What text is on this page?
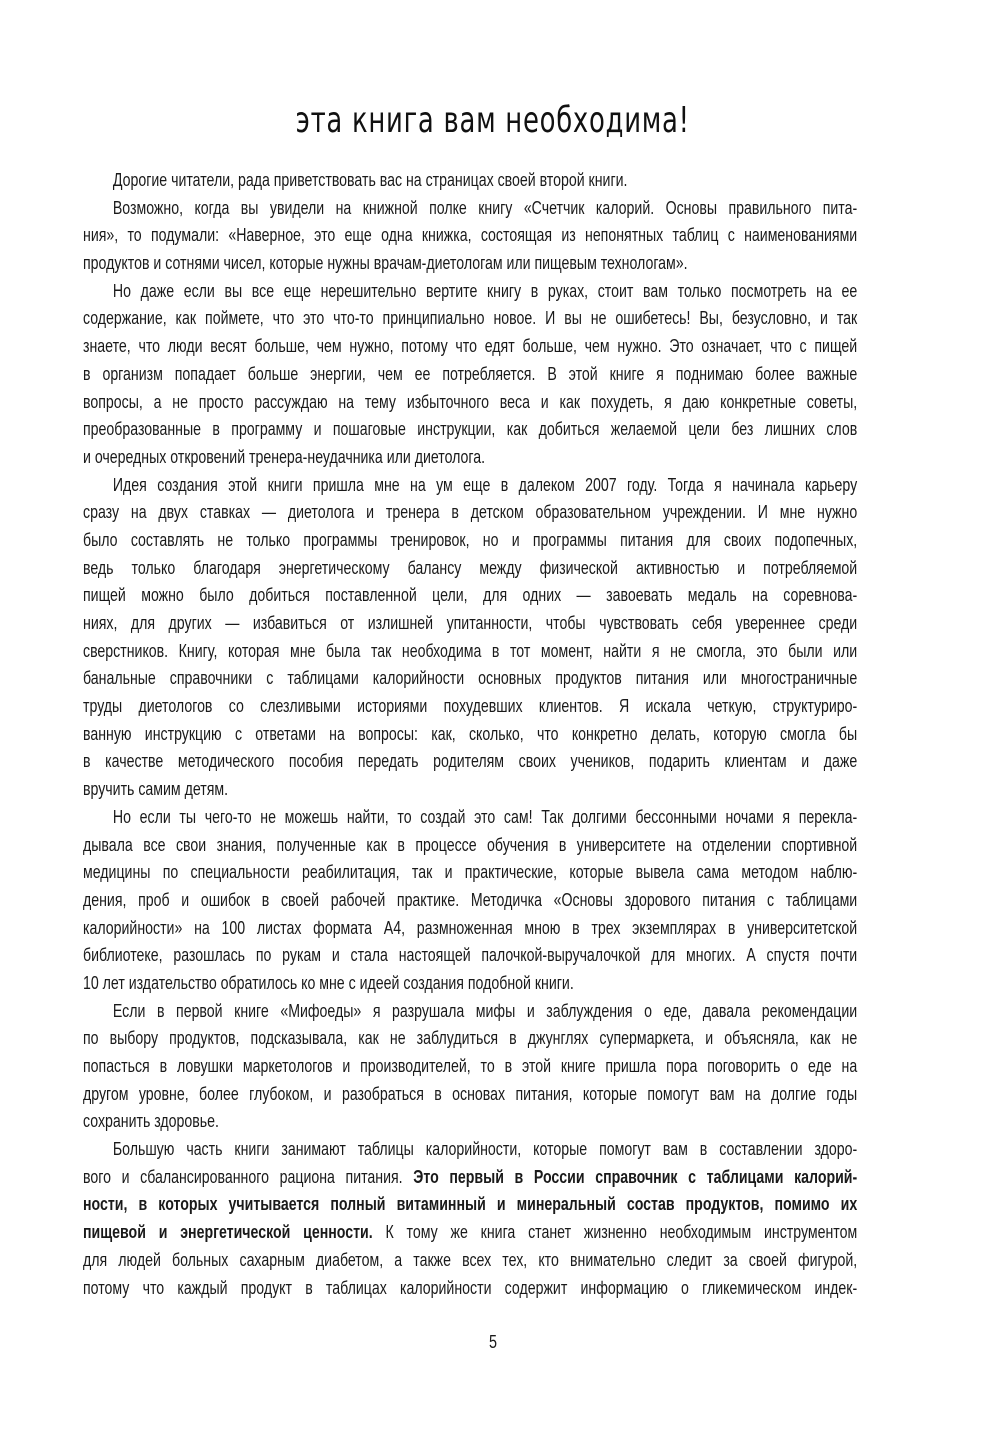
эта книга вам необходима!
Дорогие читатели, рада приветствовать вас на страницах своей второй книги.
Возможно, когда вы увидели на книжной полке книгу «Счетчик калорий. Основы правильного пита-
ния», то подумали: «Наверное, это еще одна книжка, состоящая из непонятных таблиц с наименованиями
продуктов и сотнями чисел, которые нужны врачам-диетологам или пищевым технологам».
Но даже если вы все еще нерешительно вертите книгу в руках, стоит вам только посмотреть на ее
содержание, как поймете, что это что-то принципиально новое. И вы не ошибетесь! Вы, безусловно, и так
знаете, что люди весят больше, чем нужно, потому что едят больше, чем нужно. Это означает, что с пищей
в организм попадает больше энергии, чем ее потребляется. В этой книге я поднимаю более важные
вопросы, а не просто рассуждаю на тему избыточного веса и как похудеть, я даю конкретные советы,
преобразованные в программу и пошаговые инструкции, как добиться желаемой цели без лишних слов
и очередных откровений тренера-неудачника или диетолога.
Идея создания этой книги пришла мне на ум еще в далеком 2007 году. Тогда я начинала карьеру
сразу на двух ставках — диетолога и тренера в детском образовательном учреждении. И мне нужно
было составлять не только программы тренировок, но и программы питания для своих подопечных,
ведь только благодаря энергетическому балансу между физической активностью и потребляемой
пищей можно было добиться поставленной цели, для одних — завоевать медаль на соревнова-
ниях, для других — избавиться от излишней упитанности, чтобы чувствовать себя увереннее среди
сверстников. Книгу, которая мне была так необходима в тот момент, найти я не смогла, это были или
банальные справочники с таблицами калорийности основных продуктов питания или многостраничные
труды диетологов со слезливыми историями похудевших клиентов. Я искала четкую, структуриро-
ванную инструкцию с ответами на вопросы: как, сколько, что конкретно делать, которую смогла бы
в качестве методического пособия передать родителям своих учеников, подарить клиентам и даже
вручить самим детям.
Но если ты чего-то не можешь найти, то создай это сам! Так долгими бессонными ночами я перекла-
дывала все свои знания, полученные как в процессе обучения в университете на отделении спортивной
медицины по специальности реабилитация, так и практические, которые вывела сама методом наблю-
дения, проб и ошибок в своей рабочей практике. Методичка «Основы здорового питания с таблицами
калорийности» на 100 листах формата А4, размноженная мною в трех экземплярах в университетской
библиотеке, разошлась по рукам и стала настоящей палочкой-выручалочкой для многих. А спустя почти
10 лет издательство обратилось ко мне с идеей создания подобной книги.
Если в первой книге «Мифоеды» я разрушала мифы и заблуждения о еде, давала рекомендации
по выбору продуктов, подсказывала, как не заблудиться в джунглях супермаркета, и объясняла, как не
попасться в ловушки маркетологов и производителей, то в этой книге пришла пора поговорить о еде на
другом уровне, более глубоком, и разобраться в основах питания, которые помогут вам на долгие годы
сохранить здоровье.
Большую часть книги занимают таблицы калорийности, которые помогут вам в составлении здоро-
вого и сбалансированного рациона питания. Это первый в России справочник с таблицами калорий-
ности, в которых учитывается полный витаминный и минеральный состав продуктов, помимо их
пищевой и энергетической ценности. К тому же книга станет жизненно необходимым инструментом
для людей больных сахарным диабетом, а также всех тех, кто внимательно следит за своей фигурой,
потому что каждый продукт в таблицах калорийности содержит информацию о гликемическом индек-
5
